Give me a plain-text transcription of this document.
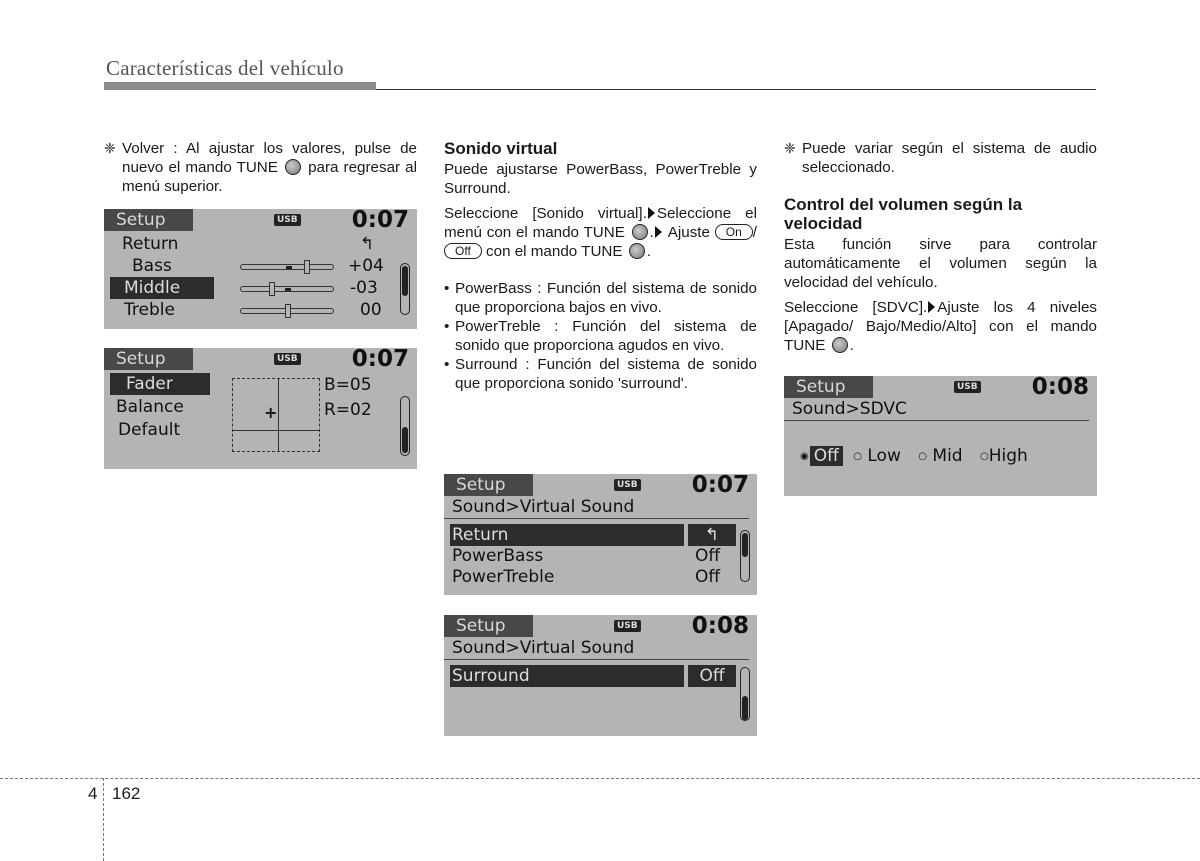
Características del vehículo
❈ Volver : Al ajustar los valores, pulse de nuevo el mando TUNE para regresar al menú superior.
Setup	USB 0:07
Return	↰
Bass	+04
Middle	-03
Treble	00
Setup	USB 0:07
Fader
Balance
Default
+
B=05
R=02
Sonido virtual

Puede ajustarse PowerBass, PowerTreble y Surround.

Seleccione [Sonido virtual]. Seleccione el menú con el mando TUNE . Ajuste On /Off con el mando TUNE .

• PowerBass : Función del sistema de sonido que proporciona bajos en vivo.
• PowerTreble : Función del sistema de sonido que proporciona agudos en vivo.
• Surround : Función del sistema de sonido que proporciona sonido 'surround'.
Setup	USB 0:07
Sound>Virtual Sound
Return	↰
PowerBass	Off
PowerTreble	Off
Setup	USB 0:08
Sound>Virtual Sound
Surround	Off
❈ Puede variar según el sistema de audio seleccionado.
Control del volumen según la velocidad

Esta función sirve para controlar automáticamente el volumen según la velocidad del vehículo.

Seleccione [SDVC]. Ajuste los 4 niveles [Apagado/ Bajo/Medio/Alto] con el mando TUNE .

Setup	USB 0:08
Sound>SDVC
◉ Off ○ Low ○ Mid ○High
4 162
